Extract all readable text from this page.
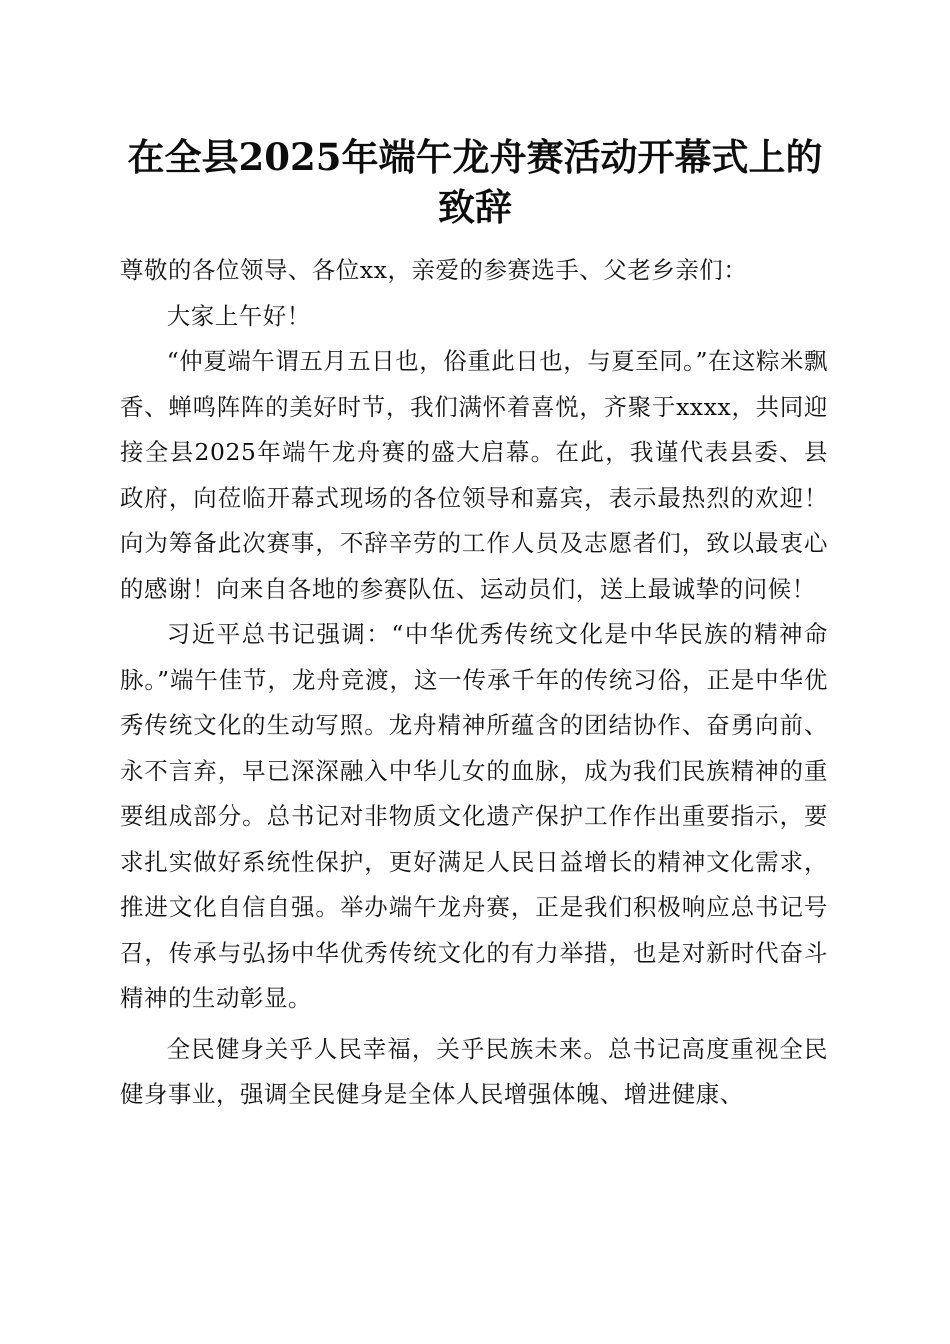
在全县2025年端午龙舟赛活动开幕式上的致辞

尊敬的各位领导、各位xx，亲爱的参赛选手、父老乡亲们：

大家上午好！

“仲夏端午谓五月五日也，俗重此日也，与夏至同。”在这粽米飘香、蝉鸣阵阵的美好时节，我们满怀着喜悦，齐聚于xxxx，共同迎接全县2025年端午龙舟赛的盛大启幕。在此，我谨代表县委、县政府，向莅临开幕式现场的各位领导和嘉宾，表示最热烈的欢迎！向为筹备此次赛事，不辞辛劳的工作人员及志愿者们，致以最衷心的感谢！向来自各地的参赛队伍、运动员们，送上最诚挚的问候！

习近平总书记强调：“中华优秀传统文化是中华民族的精神命脉。”端午佳节，龙舟竞渡，这一传承千年的传统习俗，正是中华优秀传统文化的生动写照。龙舟精神所蕴含的团结协作、奋勇向前、永不言弃，早已深深融入中华儿女的血脉，成为我们民族精神的重要组成部分。总书记对非物质文化遗产保护工作作出重要指示，要求扎实做好系统性保护，更好满足人民日益增长的精神文化需求，推进文化自信自强。举办端午龙舟赛，正是我们积极响应总书记号召，传承与弘扬中华优秀传统文化的有力举措，也是对新时代奋斗精神的生动彰显。

全民健身关乎人民幸福，关乎民族未来。总书记高度重视全民健身事业，强调全民健身是全体人民增强体魄、增进健康、
